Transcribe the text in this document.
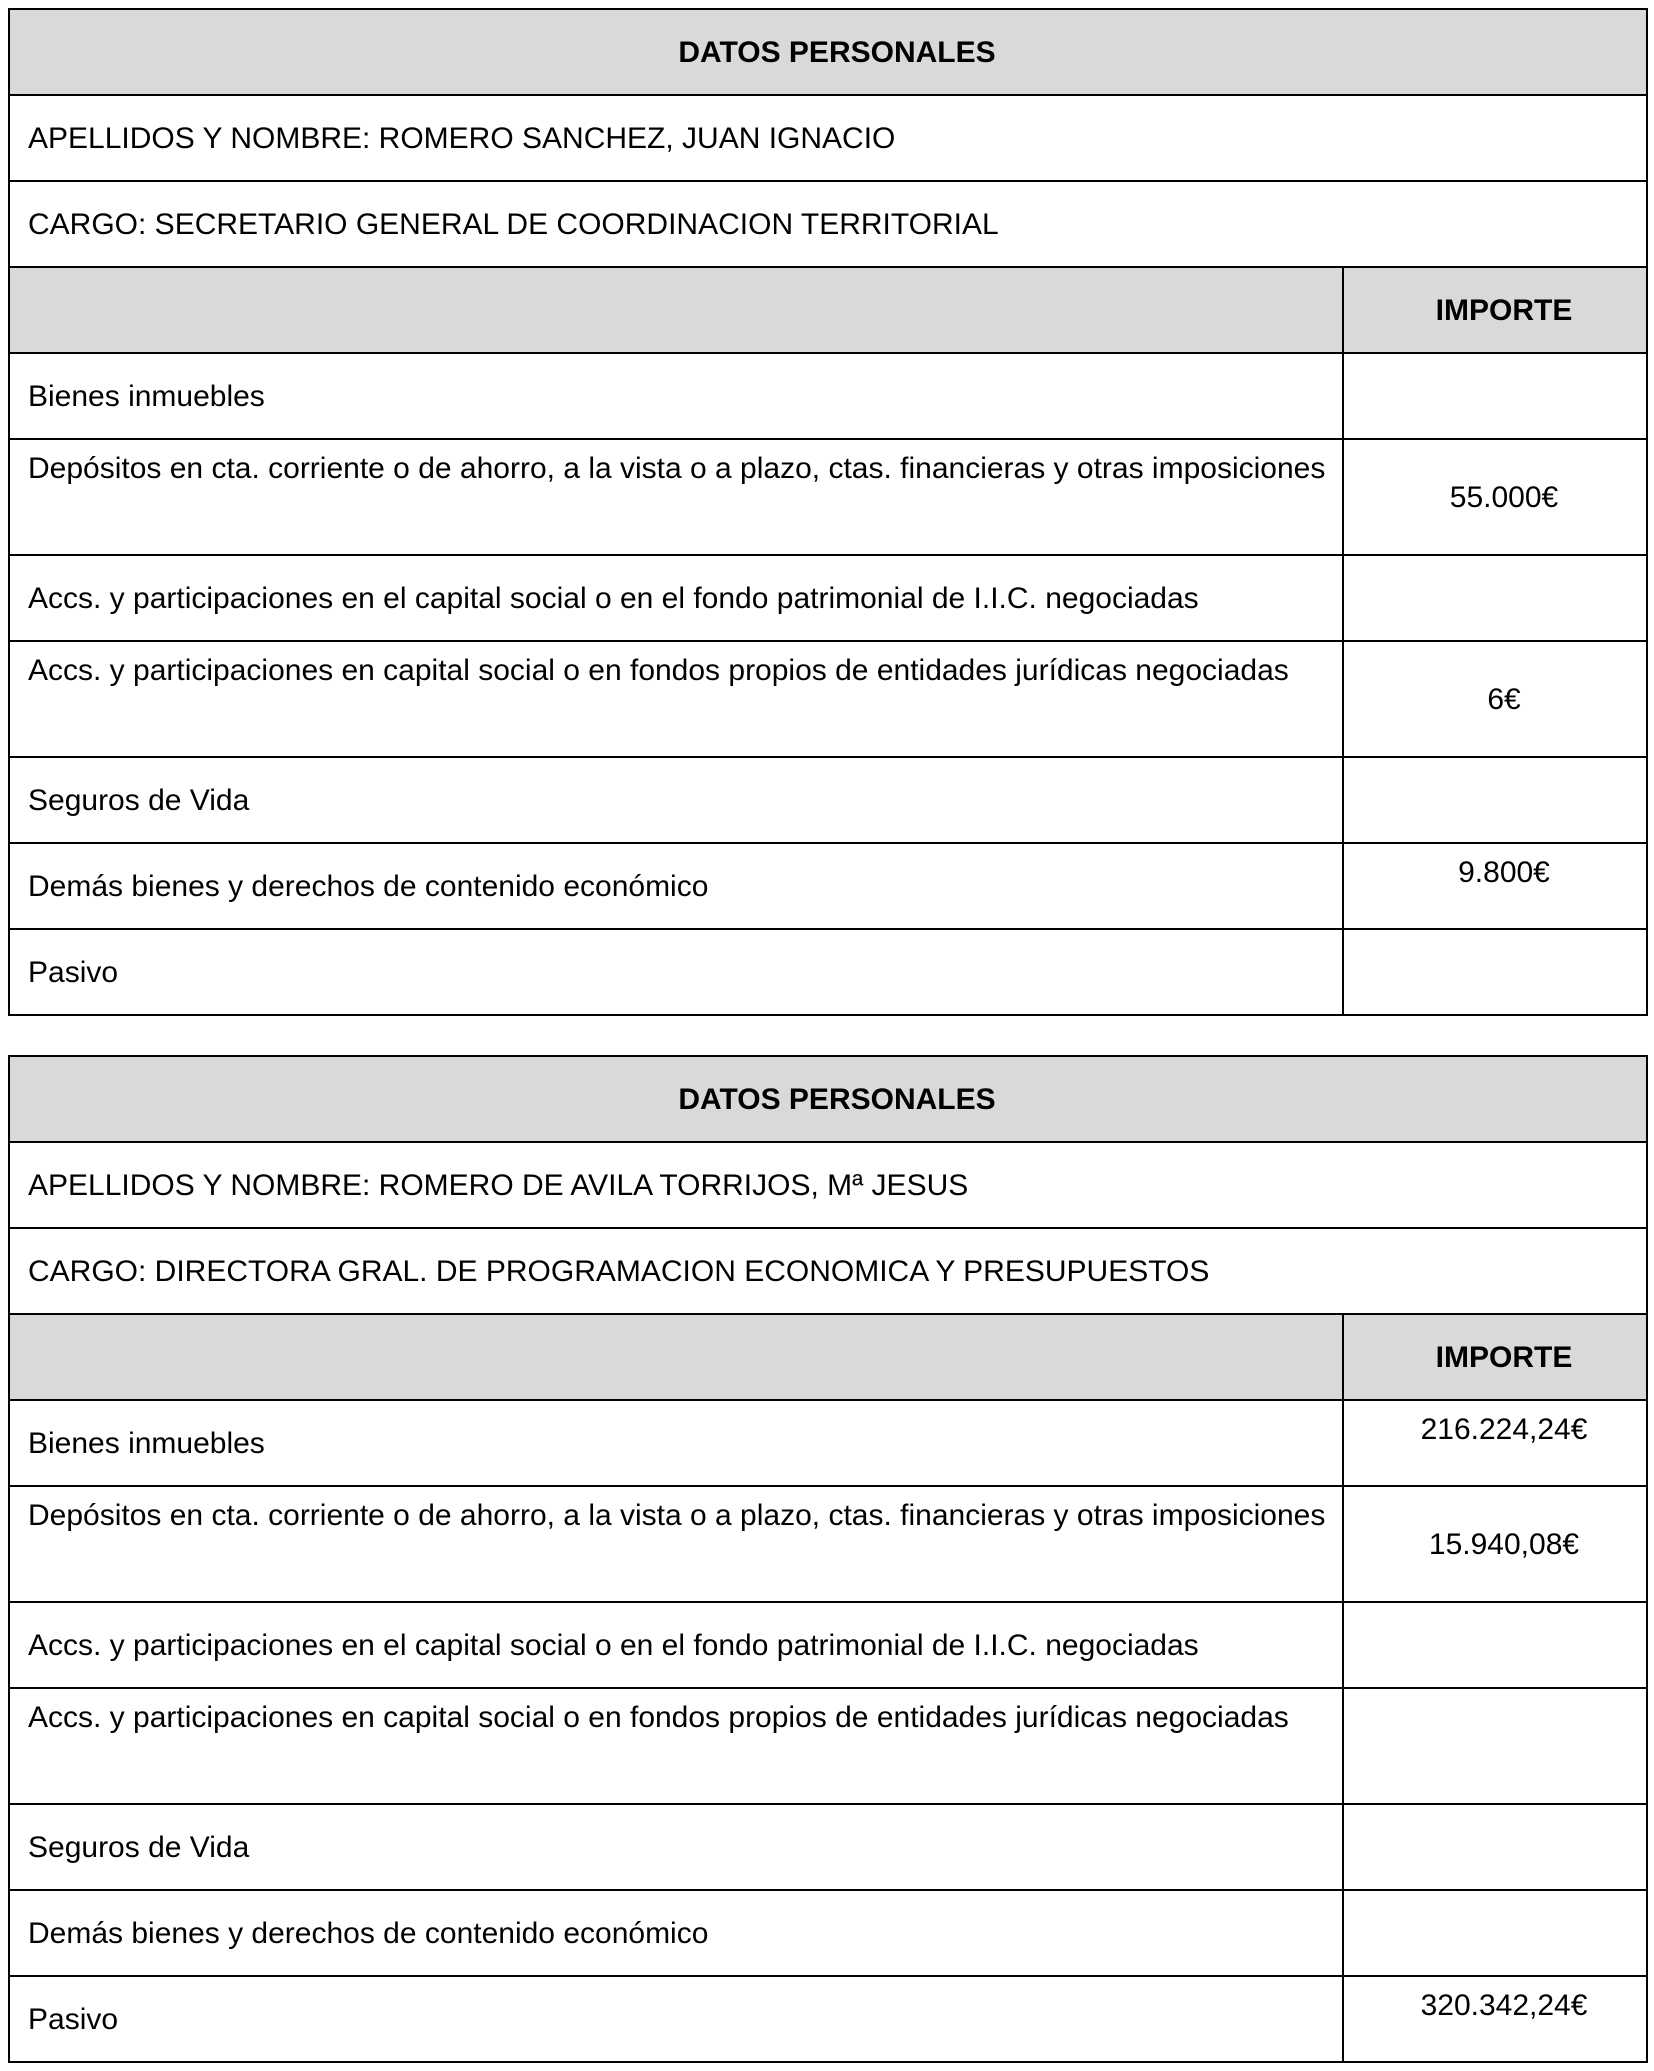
DATOS PERSONALES	
APELLIDOS Y NOMBRE: ROMERO SANCHEZ, JUAN IGNACIO	
CARGO: SECRETARIO GENERAL DE COORDINACION TERRITORIAL	
	IMPORTE

Bienes inmuebles	

Depósitos en cta. corriente o de ahorro, a la vista o a plazo, ctas. financieras y otras imposiciones	55.000€

Accs. y participaciones en el capital social o en el fondo patrimonial de I.I.C. negociadas	

Accs. y participaciones en capital social o en fondos propios de entidades jurídicas negociadas	6€

Seguros de Vida	

Demás bienes y derechos de contenido económico	9.800€

Pasivo	

DATOS PERSONALES	
APELLIDOS Y NOMBRE: ROMERO DE AVILA TORRIJOS, Mª JESUS	
CARGO: DIRECTORA GRAL. DE PROGRAMACION ECONOMICA Y PRESUPUESTOS	
	IMPORTE

Bienes inmuebles	216.224,24€

Depósitos en cta. corriente o de ahorro, a la vista o a plazo, ctas. financieras y otras imposiciones	15.940,08€

Accs. y participaciones en el capital social o en el fondo patrimonial de I.I.C. negociadas	

Accs. y participaciones en capital social o en fondos propios de entidades jurídicas negociadas	

Seguros de Vida	

Demás bienes y derechos de contenido económico	

Pasivo	320.342,24€
